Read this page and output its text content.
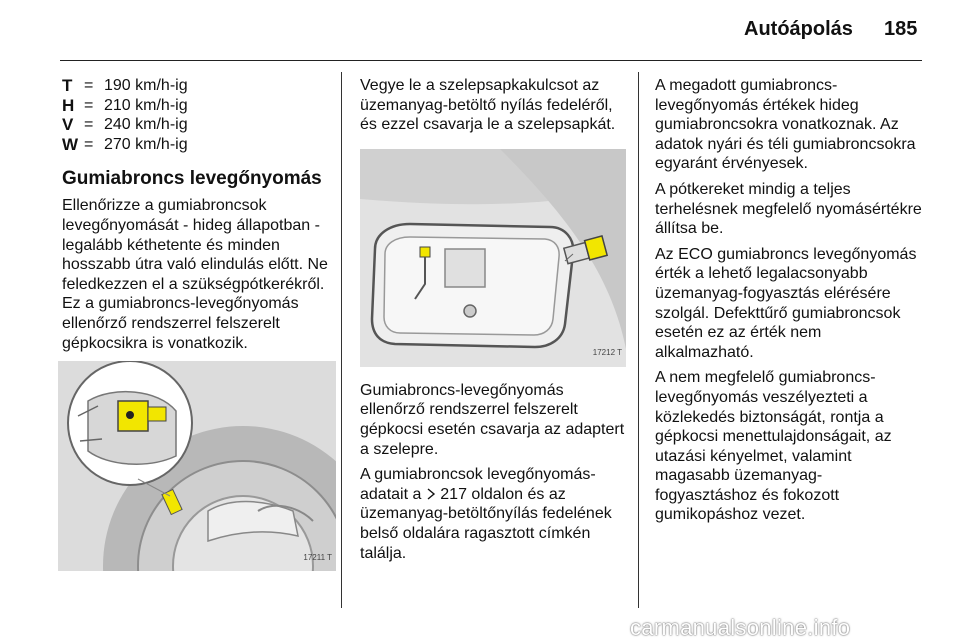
Autóápolás 185
T	=	190 km/h-ig
H	=	210 km/h-ig
V	=	240 km/h-ig
W	=	270 km/h-ig
Gumiabroncs levegőnyomás

Ellenőrizze a gumiabroncsok levegőnyomását - hideg állapotban - legalább kéthetente és minden hosszabb útra való elindulás előtt. Ne feledkezzen el a szükségpótkerékről. Ez a gumiabroncs-levegőnyomás ellenőrző rendszerrel felszerelt gépkocsikra is vonatkozik.

17211 T

Vegye le a szelepsapkakulcsot az üzemanyag-betöltő nyílás fedeléről, és ezzel csavarja le a szelepsapkát.

17212 T

Gumiabroncs-levegőnyomás ellenőrző rendszerrel felszerelt gépkocsi esetén csavarja az adaptert a szelepre.

A gumiabroncsok levegőnyomás-adatait a  217 oldalon és az üzemanyag-betöltőnyílás fedelének belső oldalára ragasztott címkén találja.

A megadott gumiabroncs-levegőnyomás értékek hideg gumiabroncsokra vonatkoznak. Az adatok nyári és téli gumiabroncsokra egyaránt érvényesek.

A pótkereket mindig a teljes terhelésnek megfelelő nyomásértékre állítsa be.

Az ECO gumiabroncs levegőnyomás érték a lehető legalacsonyabb üzemanyag-fogyasztás elérésére szolgál. Defekttűrő gumiabroncsok esetén ez az érték nem alkalmazható.

A nem megfelelő gumiabroncs-levegőnyomás veszélyezteti a közlekedés biztonságát, rontja a gépkocsi menettulajdonságait, az utazási kényelmet, valamint magasabb üzemanyag-fogyasztáshoz és fokozott gumikopáshoz vezet.

carmanualsonline.info
